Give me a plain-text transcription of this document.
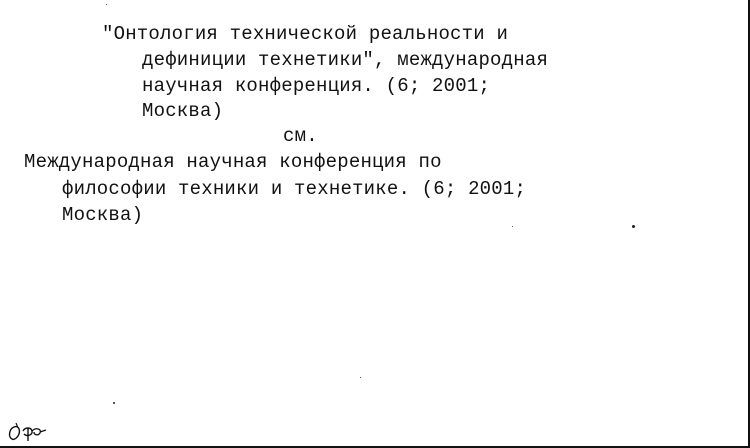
"Онтология технической реальности и
дефиниции технетики", международная
научная конференция. (6; 2001;
Москва)
см.
Международная научная конференция по
философии техники и технетике. (6; 2001;
Москва)
